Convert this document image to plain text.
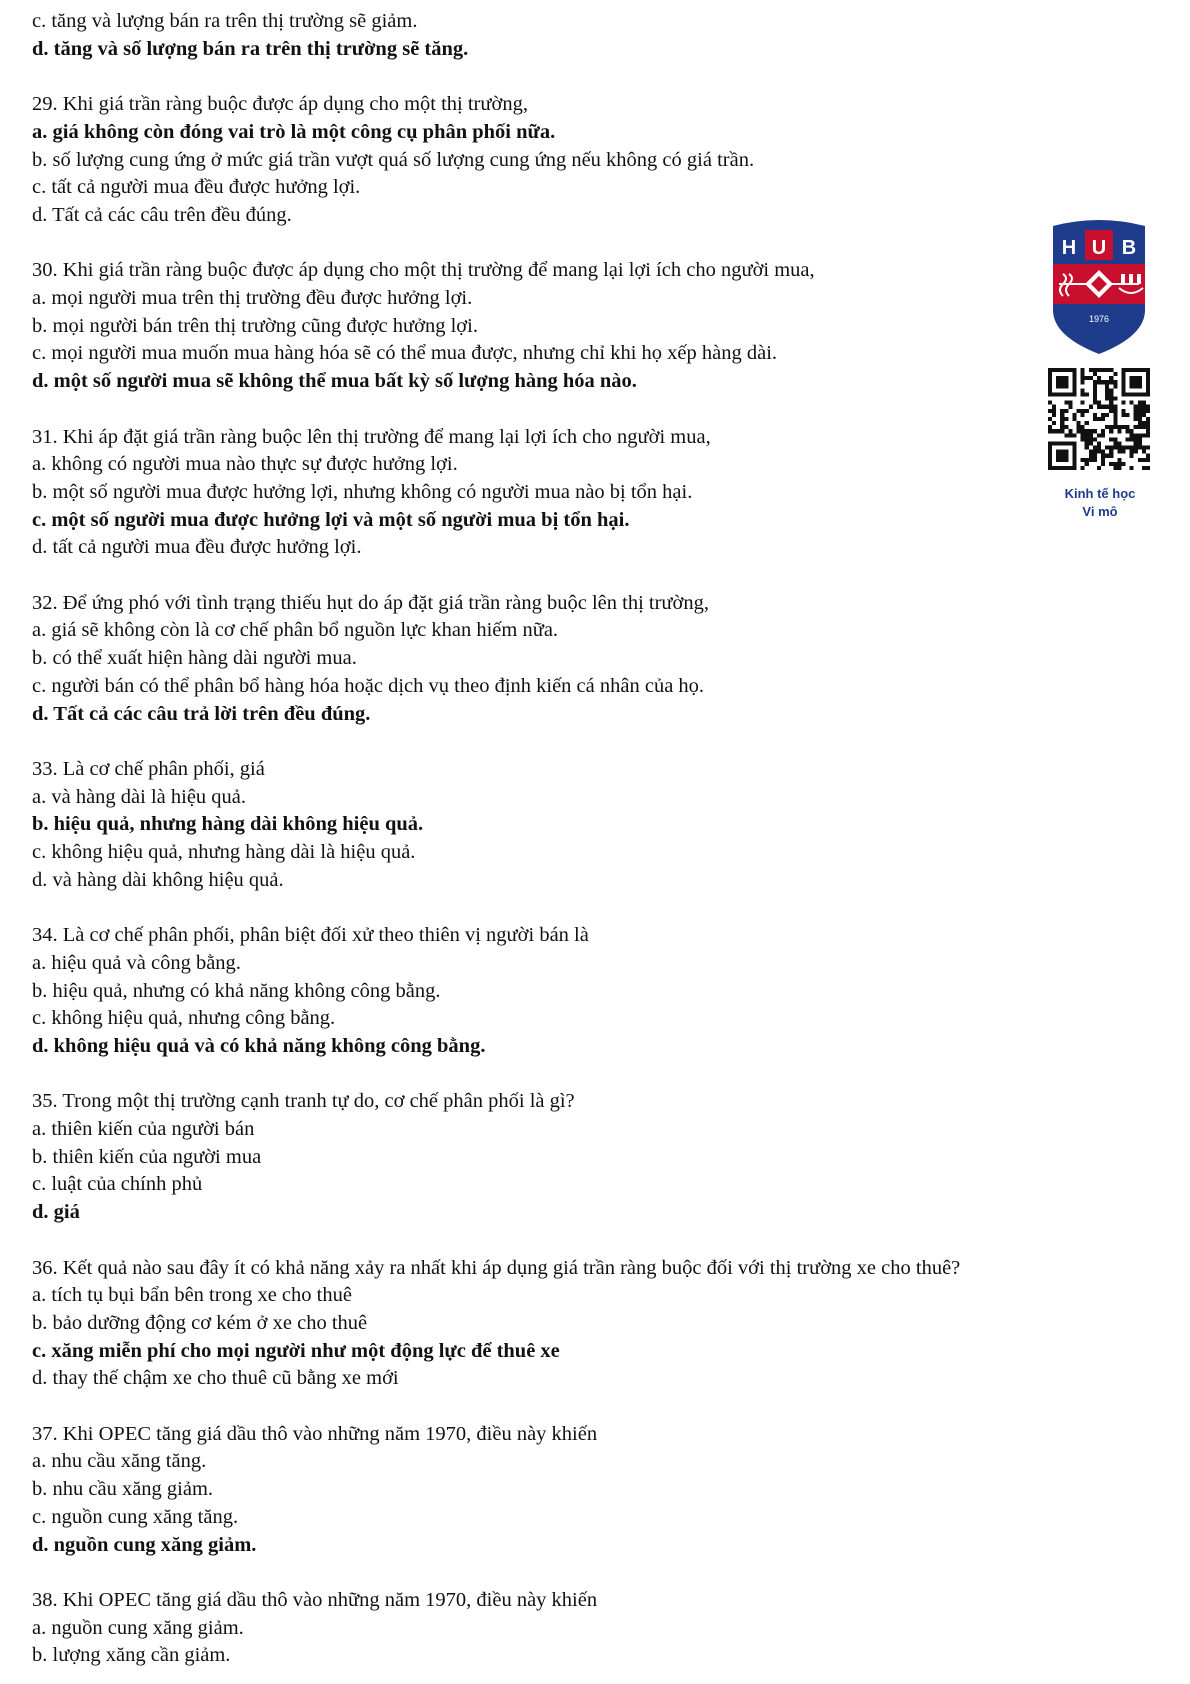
c. tăng và lượng bán ra trên thị trường sẽ giảm.
d. tăng và số lượng bán ra trên thị trường sẽ tăng.
29. Khi giá trần ràng buộc được áp dụng cho một thị trường,
a. giá không còn đóng vai trò là một công cụ phân phối nữa.
b. số lượng cung ứng ở mức giá trần vượt quá số lượng cung ứng nếu không có giá trần.
c. tất cả người mua đều được hưởng lợi.
d. Tất cả các câu trên đều đúng.
30. Khi giá trần ràng buộc được áp dụng cho một thị trường để mang lại lợi ích cho người mua,
a. mọi người mua trên thị trường đều được hưởng lợi.
b. mọi người bán trên thị trường cũng được hưởng lợi.
c. mọi người mua muốn mua hàng hóa sẽ có thể mua được, nhưng chỉ khi họ xếp hàng dài.
d. một số người mua sẽ không thể mua bất kỳ số lượng hàng hóa nào.
31. Khi áp đặt giá trần ràng buộc lên thị trường để mang lại lợi ích cho người mua,
a. không có người mua nào thực sự được hưởng lợi.
b. một số người mua được hưởng lợi, nhưng không có người mua nào bị tổn hại.
c. một số người mua được hưởng lợi và một số người mua bị tổn hại.
d. tất cả người mua đều được hưởng lợi.
32. Để ứng phó với tình trạng thiếu hụt do áp đặt giá trần ràng buộc lên thị trường,
a. giá sẽ không còn là cơ chế phân bổ nguồn lực khan hiếm nữa.
b. có thể xuất hiện hàng dài người mua.
c. người bán có thể phân bổ hàng hóa hoặc dịch vụ theo định kiến cá nhân của họ.
d. Tất cả các câu trả lời trên đều đúng.
33. Là cơ chế phân phối, giá
a. và hàng dài là hiệu quả.
b. hiệu quả, nhưng hàng dài không hiệu quả.
c. không hiệu quả, nhưng hàng dài là hiệu quả.
d. và hàng dài không hiệu quả.
34. Là cơ chế phân phối, phân biệt đối xử theo thiên vị người bán là
a. hiệu quả và công bằng.
b. hiệu quả, nhưng có khả năng không công bằng.
c. không hiệu quả, nhưng công bằng.
d. không hiệu quả và có khả năng không công bằng.
35. Trong một thị trường cạnh tranh tự do, cơ chế phân phối là gì?
a. thiên kiến của người bán
b. thiên kiến của người mua
c. luật của chính phủ
d. giá
36. Kết quả nào sau đây ít có khả năng xảy ra nhất khi áp dụng giá trần ràng buộc đối với thị trường xe cho thuê?
a. tích tụ bụi bẩn bên trong xe cho thuê
b. bảo dưỡng động cơ kém ở xe cho thuê
c. xăng miễn phí cho mọi người như một động lực để thuê xe
d. thay thế chậm xe cho thuê cũ bằng xe mới
37. Khi OPEC tăng giá dầu thô vào những năm 1970, điều này khiến
a. nhu cầu xăng tăng.
b. nhu cầu xăng giảm.
c. nguồn cung xăng tăng.
d. nguồn cung xăng giảm.
38. Khi OPEC tăng giá dầu thô vào những năm 1970, điều này khiến
a. nguồn cung xăng giảm.
b. lượng xăng cần giảm.
H U B
1976
Kinh tế học
Vi mô
